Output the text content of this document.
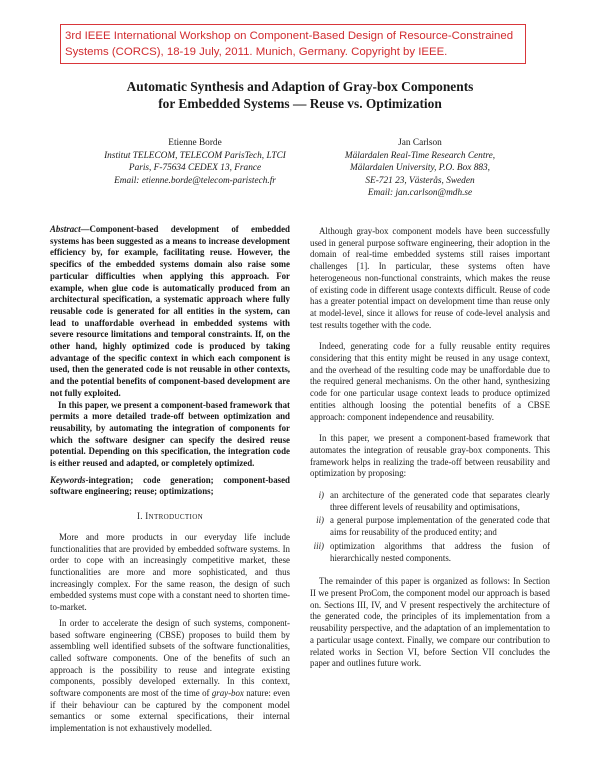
3rd IEEE International Workshop on Component-Based Design of Resource-Constrained
Systems (CORCS), 18-19 July, 2011. Munich, Germany. Copyright by IEEE.
Automatic Synthesis and Adaption of Gray-box Components
for Embedded Systems — Reuse vs. Optimization
Etienne Borde
Institut TELECOM, TELECOM ParisTech, LTCI
Paris, F-75634 CEDEX 13, France
Email: etienne.borde@telecom-paristech.fr
Jan Carlson
Mälardalen Real-Time Research Centre,
Mälardalen University, P.O. Box 883,
SE-721 23, Västerås, Sweden
Email: jan.carlson@mdh.se

Abstract—Component-based development of embedded systems has been suggested as a means to increase development efficiency by, for example, facilitating reuse. However, the specifics of the embedded systems domain also raise some particular difficulties when applying this approach. For example, when glue code is automatically produced from an architectural specification, a systematic approach where fully reusable code is generated for all entities in the system, can lead to unaffordable overhead in embedded systems with severe resource limitations and temporal constraints. If, on the other hand, highly optimized code is produced by taking advantage of the specific context in which each component is used, then the generated code is not reusable in other contexts, and the potential benefits of component-based development are not fully exploited.

In this paper, we present a component-based framework that permits a more detailed trade-off between optimization and reusability, by automating the integration of components for which the software designer can specify the desired reuse potential. Depending on this specification, the integration code is either reused and adapted, or completely optimized.

Keywords-integration; code generation; component-based software engineering; reuse; optimizations;

I. INTRODUCTION

More and more products in our everyday life include functionalities that are provided by embedded software systems. In order to cope with an increasingly competitive market, these functionalities are more and more sophisticated, and thus increasingly complex. For the same reason, the design of such embedded systems must cope with a constant need to shorten time-to-market.

In order to accelerate the design of such systems, component-based software engineering (CBSE) proposes to build them by assembling well identified subsets of the software functionalities, called software components. One of the benefits of such an approach is the possibility to reuse and integrate existing components, possibly developed externally. In this context, software components are most of the time of gray-box nature: even if their behaviour can be captured by the component model semantics or some external specifications, their internal implementation is not exhaustively modelled.

Although gray-box component models have been successfully used in general purpose software engineering, their adoption in the domain of real-time embedded systems still raises important challenges [1]. In particular, these systems often have heterogeneous non-functional constraints, which makes the reuse of existing code in different usage contexts difficult. Reuse of code has a greater potential impact on development time than reuse only at model-level, since it allows for reuse of code-level analysis and test results together with the code.

Indeed, generating code for a fully reusable entity requires considering that this entity might be reused in any usage context, and the overhead of the resulting code may be unaffordable due to the required general mechanisms. On the other hand, synthesizing code for one particular usage context leads to produce optimized entities although loosing the potential benefits of a CBSE approach: component independence and reusability.

In this paper, we present a component-based framework that automates the integration of reusable gray-box components. This framework helps in realizing the trade-off between reusability and optimization by proposing:

i) an architecture of the generated code that separates clearly three different levels of reusability and optimisations,
ii) a general purpose implementation of the generated code that aims for reusability of the produced entity; and
iii) optimization algorithms that address the fusion of hierarchically nested components.

The remainder of this paper is organized as follows: In Section II we present ProCom, the component model our approach is based on. Sections III, IV, and V present respectively the architecture of the generated code, the principles of its implementation from a reusability perspective, and the adaptation of an implementation to a particular usage context. Finally, we compare our contribution to related works in Section VI, before Section VII concludes the paper and outlines future work.
